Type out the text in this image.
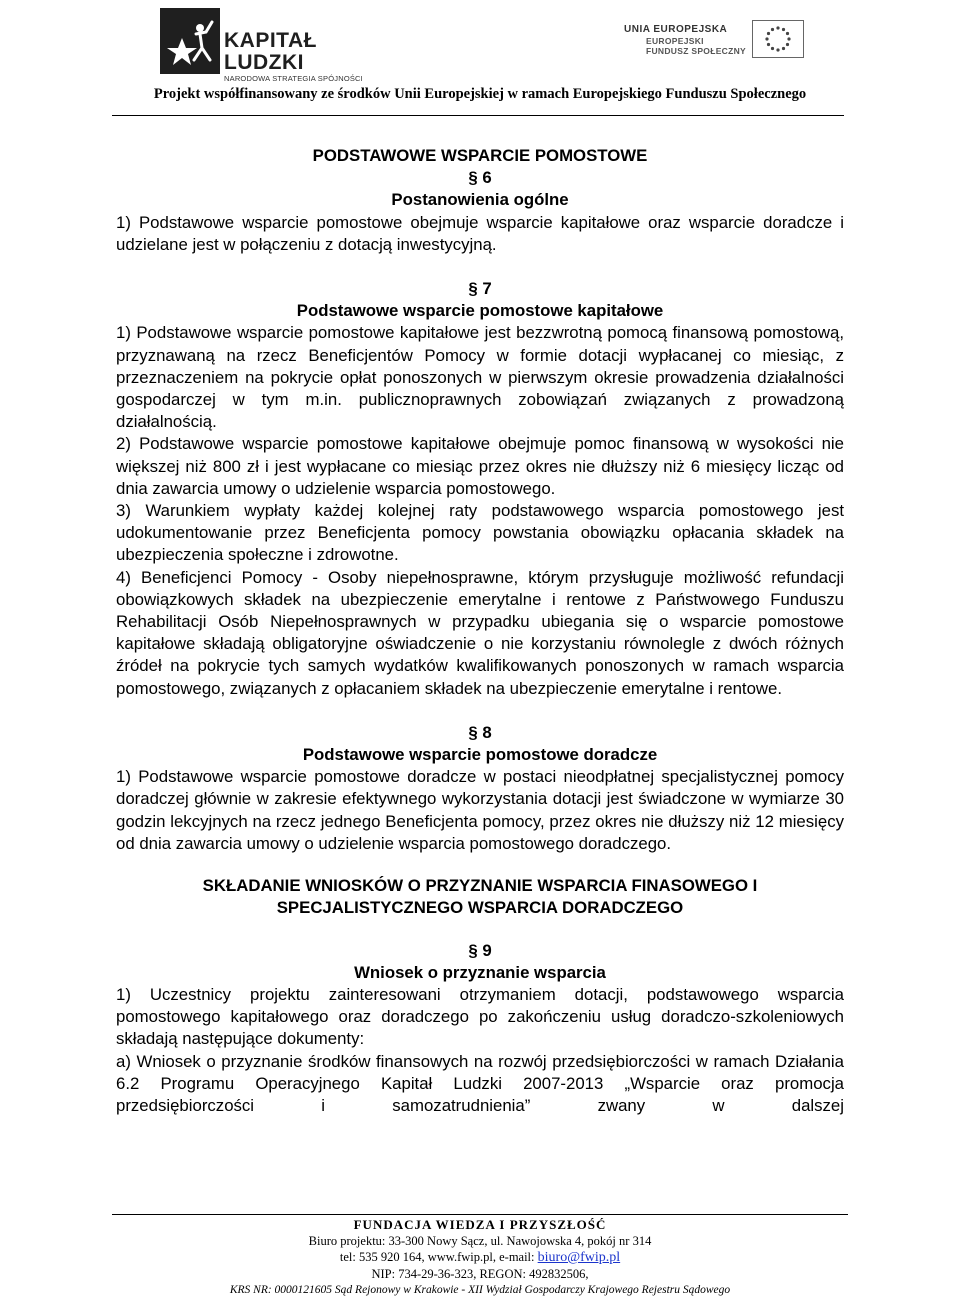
KAPITAŁ LUDZKI
NARODOWA STRATEGIA SPÓJNOŚCI
UNIA EUROPEJSKA
EUROPEJSKI
FUNDUSZ SPOŁECZNY
Projekt współfinansowany ze środków Unii Europejskiej w ramach Europejskiego Funduszu Społecznego
PODSTAWOWE WSPARCIE POMOSTOWE
§ 6
Postanowienia ogólne
1) Podstawowe wsparcie pomostowe obejmuje wsparcie kapitałowe oraz wsparcie doradcze i udzielane jest w połączeniu z dotacją inwestycyjną.
§ 7
Podstawowe wsparcie pomostowe kapitałowe
1) Podstawowe wsparcie pomostowe kapitałowe jest bezzwrotną pomocą finansową pomostową, przyznawaną na rzecz Beneficjentów Pomocy w formie dotacji wypłacanej co miesiąc, z przeznaczeniem na pokrycie opłat ponoszonych w pierwszym okresie prowadzenia działalności gospodarczej w tym m.in. publicznoprawnych zobowiązań związanych z prowadzoną działalnością.
2) Podstawowe wsparcie pomostowe kapitałowe obejmuje pomoc finansową w wysokości nie większej niż 800 zł i jest wypłacane co miesiąc przez okres nie dłuższy niż 6 miesięcy licząc od dnia zawarcia umowy o udzielenie wsparcia pomostowego.
3) Warunkiem wypłaty każdej kolejnej raty podstawowego wsparcia pomostowego jest udokumentowanie przez Beneficjenta pomocy powstania obowiązku opłacania składek na ubezpieczenia społeczne i zdrowotne.
4) Beneficjenci Pomocy - Osoby niepełnosprawne, którym przysługuje możliwość refundacji obowiązkowych składek na ubezpieczenie emerytalne i rentowe z Państwowego Funduszu Rehabilitacji Osób Niepełnosprawnych w przypadku ubiegania się o wsparcie pomostowe kapitałowe składają obligatoryjne oświadczenie o nie korzystaniu równolegle z dwóch różnych źródeł na pokrycie tych samych wydatków kwalifikowanych ponoszonych w ramach wsparcia pomostowego, związanych z opłacaniem składek na ubezpieczenie emerytalne i rentowe.
§ 8
Podstawowe wsparcie pomostowe doradcze
1) Podstawowe wsparcie pomostowe doradcze w postaci nieodpłatnej specjalistycznej pomocy doradczej głównie w zakresie efektywnego wykorzystania dotacji jest świadczone w wymiarze 30 godzin lekcyjnych na rzecz jednego Beneficjenta pomocy, przez okres nie dłuższy niż 12 miesięcy od dnia zawarcia umowy o udzielenie wsparcia pomostowego doradczego.
SKŁADANIE WNIOSKÓW O PRZYZNANIE WSPARCIA FINASOWEGO I
SPECJALISTYCZNEGO WSPARCIA DORADCZEGO
§ 9
Wniosek o przyznanie wsparcia
1) Uczestnicy projektu zainteresowani otrzymaniem dotacji, podstawowego wsparcia pomostowego kapitałowego oraz doradczego po zakończeniu usług doradczo-szkoleniowych składają następujące dokumenty:
a) Wniosek o przyznanie środków finansowych na rozwój przedsiębiorczości w ramach Działania 6.2 Programu Operacyjnego Kapitał Ludzki 2007-2013 „Wsparcie oraz promocja przedsiębiorczości i samozatrudnienia” zwany w dalszej
FUNDACJA WIEDZA I PRZYSZŁOŚĆ
Biuro projektu: 33-300 Nowy Sącz, ul. Nawojowska 4, pokój nr 314
tel: 535 920 164, www.fwip.pl, e-mail: biuro@fwip.pl
NIP: 734-29-36-323, REGON: 492832506,
KRS NR: 0000121605 Sąd Rejonowy w Krakowie - XII Wydział Gospodarczy Krajowego Rejestru Sądowego
